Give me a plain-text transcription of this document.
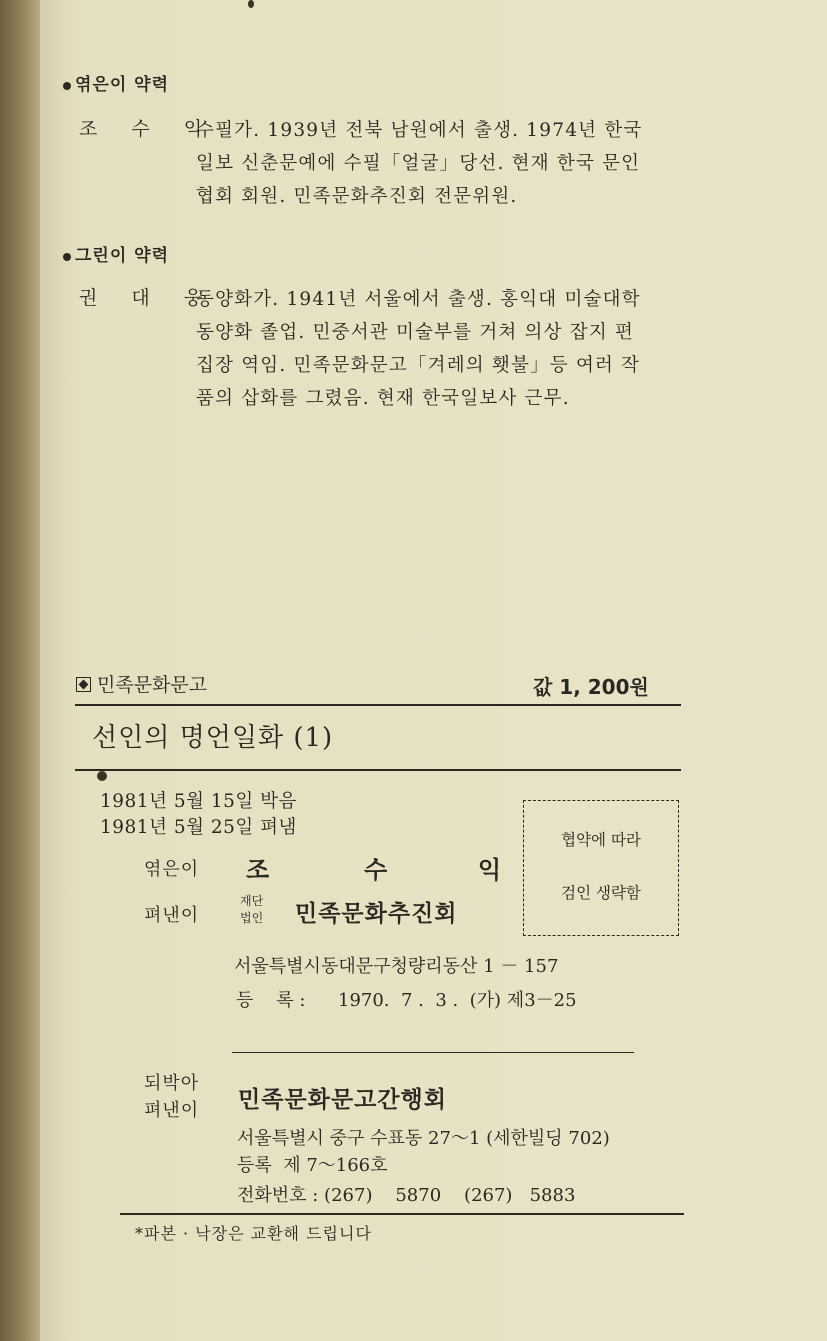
엮은이 약력
조 수 익
수필가. 1939년 전북 남원에서 출생. 1974년 한국
일보 신춘문예에 수필「얼굴」당선. 현재 한국 문인
협회 회원. 민족문화추진회 전문위원.
그린이 약력
권 대 웅
동양화가. 1941년 서울에서 출생. 홍익대 미술대학
동양화 졸업. 민중서관 미술부를 거쳐 의상 잡지 편
집장 역임. 민족문화문고「겨레의 횃불」등 여러 작
품의 삽화를 그렸음. 현재 한국일보사 근무.
민족문화문고	값 1, 200원
선인의 명언일화 (1)
1981년 5월 15일 박음
1981년 5월 25일 펴냄
엮은이 조	수	익
펴낸이
재단
법인 민족문화추진회
협약에 따라
검인 생략함
서울특별시동대문구청량리동산 1 － 157
등    록 : 1970.  7 .  3 .  (가) 제3－25
되박아
펴낸이 민족문화문고간행회
서울특별시 중구 수표동 27～1 (세한빌딩 702)
등록  제 7～166호
전화번호 : (267)    5870    (267)   5883
*파본 · 낙장은 교환해 드립니다
